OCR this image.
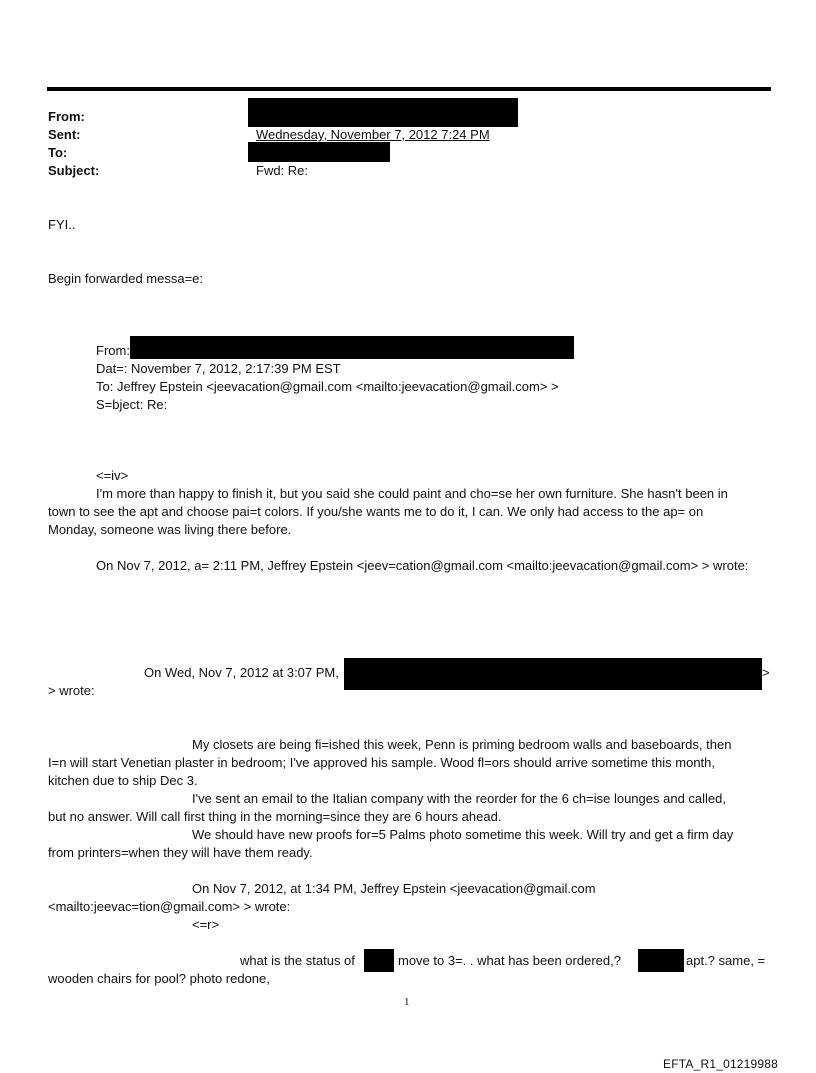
From:
Sent:	Wednesday, November 7, 2012 7:24 PM
To:
Subject:	Fwd: Re:
FYI..
Begin forwarded messa=e:
From:
Dat=: November 7, 2012, 2:17:39 PM EST
To: Jeffrey Epstein <jeevacation@gmail.com <mailto:jeevacation@gmail.com> >
S=bject: Re:
<=iv>
I'm more than happy to finish it, but you said she could paint and cho=se her own furniture. She hasn't been in
town to see the apt and choose pai=t colors. If you/she wants me to do it, I can. We only had access to the ap= on
Monday, someone was living there before.
On Nov 7, 2012, a= 2:11 PM, Jeffrey Epstein <jeev=cation@gmail.com <mailto:jeevacation@gmail.com> > wrote:
On Wed, Nov 7, 2012 at 3:07 PM,	>
> wrote:
My closets are being fi=ished this week, Penn is priming bedroom walls and baseboards, then
I=n will start Venetian plaster in bedroom; I've approved his sample. Wood fl=ors should arrive sometime this month,
kitchen due to ship Dec 3.
I've sent an email to the Italian company with the reorder for the 6 ch=ise lounges and called,
but no answer. Will call first thing in the morning=since they are 6 hours ahead.
We should have new proofs for=5 Palms photo sometime this week. Will try and get a firm day
from printers=when they will have them ready.
On Nov 7, 2012, at 1:34 PM, Jeffrey Epstein <jeevacation@gmail.com
<mailto:jeevac=tion@gmail.com> > wrote:
<=r>
what is the status of	move to 3=. . what has been ordered,?	apt.? same, =
wooden chairs for pool? photo redone,
1
EFTA_R1_01219988
